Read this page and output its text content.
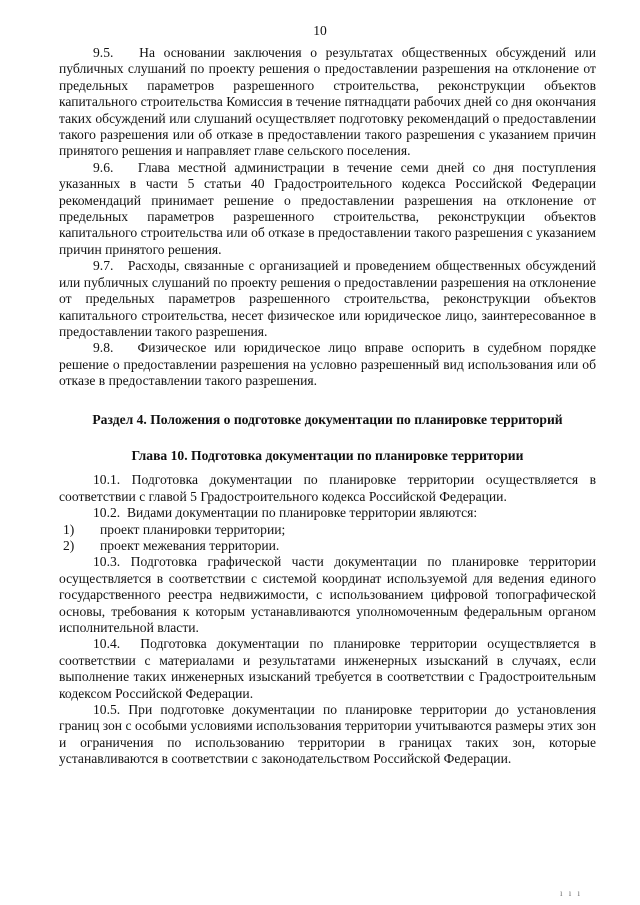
10

9.5.   На основании заключения о результатах общественных обсуждений или публичных слушаний по проекту решения о предоставлении разрешения на отклонение от предельных параметров разрешенного строительства, реконструкции объектов капитального строительства Комиссия в течение пятнадцати рабочих дней со дня окончания таких обсуждений или слушаний осуществляет подготовку рекомендаций о предоставлении такого разрешения или об отказе в предоставлении такого разрешения с указанием причин принятого решения и направляет главе сельского поселения.

9.6.   Глава местной администрации в течение семи дней со дня поступления указанных в части 5 статьи 40 Градостроительного кодекса Российской Федерации рекомендаций принимает решение о предоставлении разрешения на отклонение от предельных параметров разрешенного строительства, реконструкции объектов капитального строительства или об отказе в предоставлении такого разрешения с указанием причин принятого решения.

9.7.   Расходы, связанные с организацией и проведением общественных обсуждений или публичных слушаний по проекту решения о предоставлении разрешения на отклонение от предельных параметров разрешенного строительства, реконструкции объектов капитального строительства, несет физическое или юридическое лицо, заинтересованное в предоставлении такого разрешения.

9.8.   Физическое или юридическое лицо вправе оспорить в судебном порядке решение о предоставлении разрешения на условно разрешенный вид использования или об отказе в предоставлении такого разрешения.

Раздел 4. Положения о подготовке документации по планировке территорий
Глава 10. Подготовка документации по планировке территории

10.1. Подготовка документации по планировке территории осуществляется в соответствии с главой 5 Градостроительного кодекса Российской Федерации.

10.2.  Видами документации по планировке территории являются:

1)	проект планировки территории;
2)	проект межевания территории.

10.3. Подготовка графической части документации по планировке территории осуществляется в соответствии с системой координат используемой для ведения единого государственного реестра недвижимости, с использованием цифровой топографической основы, требования к которым устанавливаются уполномоченным федеральным органом исполнительной власти.

10.4.  Подготовка документации по планировке территории осуществляется в соответствии с материалами и результатами инженерных изысканий в случаях, если выполнение таких инженерных изысканий требуется в соответствии с Градостроительным кодексом Российской Федерации.

10.5. При подготовке документации по планировке территории до установления границ зон с особыми условиями использования территории учитываются размеры этих зон и ограничения по использованию территории в границах таких зон, которые устанавливаются в соответствии с законодательством Российской Федерации.

ı ı ı
